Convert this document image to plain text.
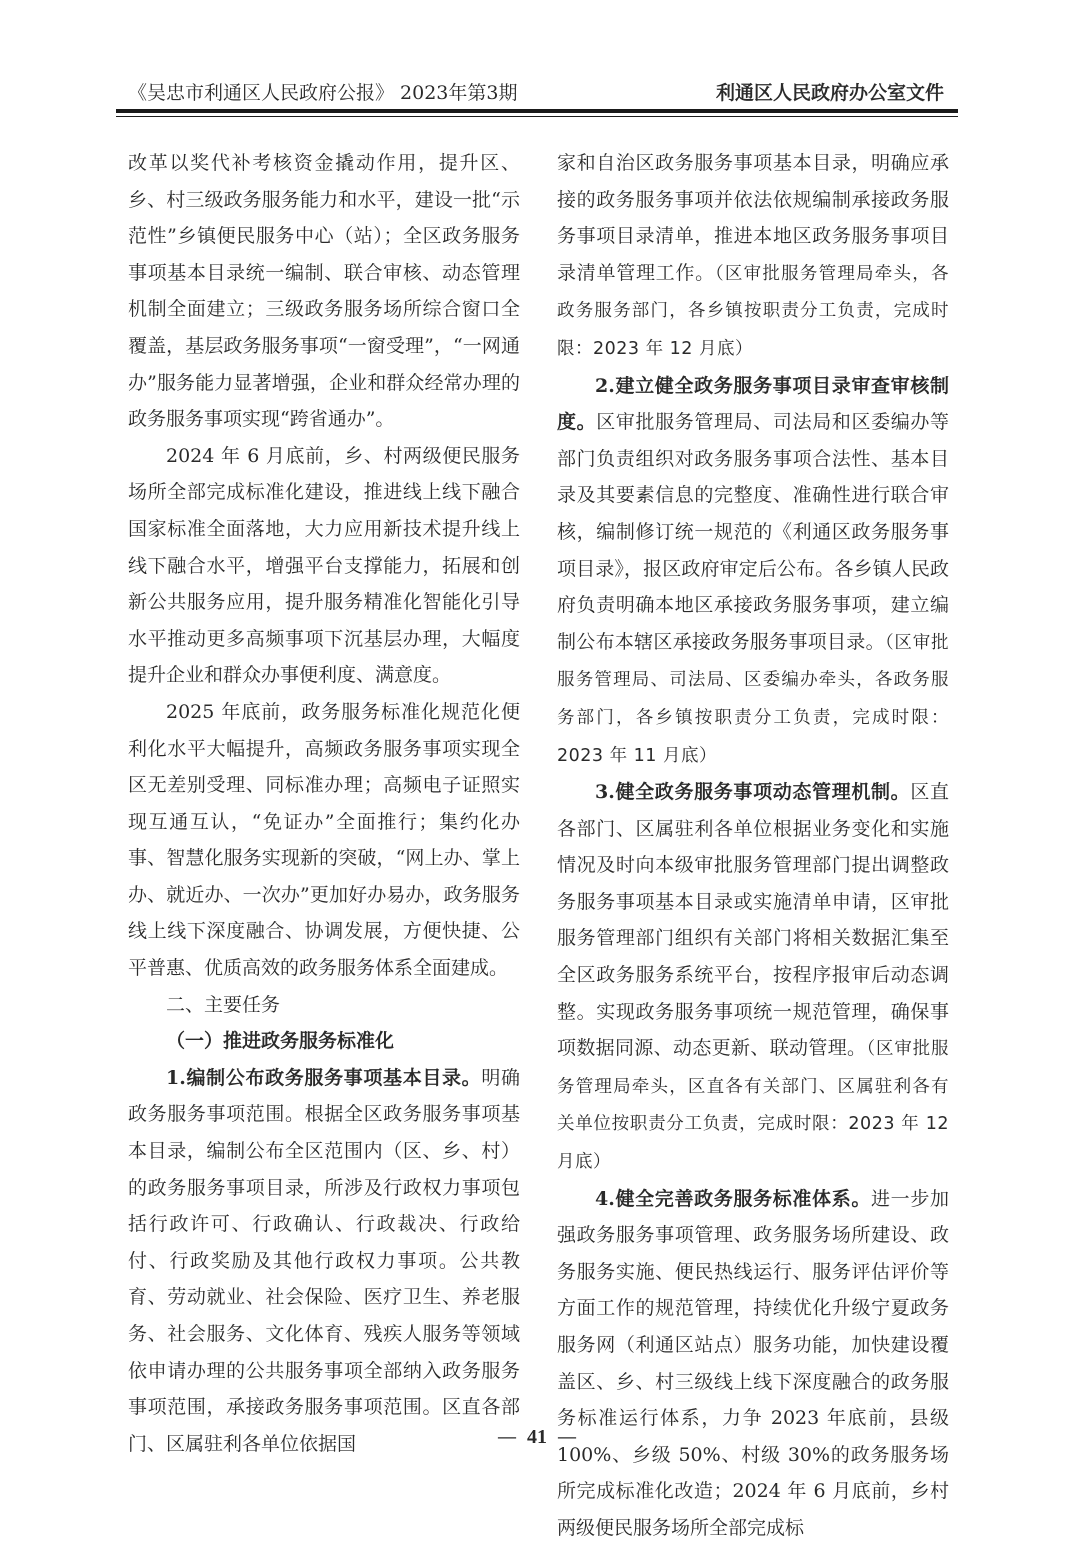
《吴忠市利通区人民政府公报》 2023年第3期	利通区人民政府办公室文件

改革以奖代补考核资金撬动作用，提升区、乡、村三级政务服务能力和水平，建设一批“示范性”乡镇便民服务中心（站）；全区政务服务事项基本目录统一编制、联合审核、动态管理机制全面建立；三级政务服务场所综合窗口全覆盖，基层政务服务事项“一窗受理”，“一网通办”服务能力显著增强，企业和群众经常办理的政务服务事项实现“跨省通办”。

2024 年 6 月底前，乡、村两级便民服务场所全部完成标准化建设，推进线上线下融合国家标准全面落地，大力应用新技术提升线上线下融合水平，增强平台支撑能力，拓展和创新公共服务应用，提升服务精准化智能化引导水平推动更多高频事项下沉基层办理，大幅度提升企业和群众办事便利度、满意度。

2025 年底前，政务服务标准化规范化便利化水平大幅提升，高频政务服务事项实现全区无差别受理、同标准办理；高频电子证照实现互通互认，“免证办”全面推行；集约化办事、智慧化服务实现新的突破，“网上办、掌上办、就近办、一次办”更加好办易办，政务服务线上线下深度融合、协调发展，方便快捷、公平普惠、优质高效的政务服务体系全面建成。

二、主要任务

（一）推进政务服务标准化

1.编制公布政务服务事项基本目录。明确政务服务事项范围。根据全区政务服务事项基本目录，编制公布全区范围内（区、乡、村）的政务服务事项目录，所涉及行政权力事项包括行政许可、行政确认、行政裁决、行政给付、行政奖励及其他行政权力事项。公共教育、劳动就业、社会保险、医疗卫生、养老服务、社会服务、文化体育、残疾人服务等领域依申请办理的公共服务事项全部纳入政务服务事项范围，承接政务服务事项范围。区直各部门、区属驻利各单位依据国

家和自治区政务服务事项基本目录，明确应承接的政务服务事项并依法依规编制承接政务服务事项目录清单，推进本地区政务服务事项目录清单管理工作。（区审批服务管理局牵头，各政务服务部门，各乡镇按职责分工负责，完成时限：2023 年 12 月底）

2.建立健全政务服务事项目录审查审核制度。区审批服务管理局、司法局和区委编办等部门负责组织对政务服务事项合法性、基本目录及其要素信息的完整度、准确性进行联合审核，编制修订统一规范的《利通区政务服务事项目录》，报区政府审定后公布。各乡镇人民政府负责明确本地区承接政务服务事项，建立编制公布本辖区承接政务服务事项目录。（区审批服务管理局、司法局、区委编办牵头，各政务服务部门，各乡镇按职责分工负责，完成时限：2023 年 11 月底）

3.健全政务服务事项动态管理机制。区直各部门、区属驻利各单位根据业务变化和实施情况及时向本级审批服务管理部门提出调整政务服务事项基本目录或实施清单申请，区审批服务管理部门组织有关部门将相关数据汇集至全区政务服务系统平台，按程序报审后动态调整。实现政务服务事项统一规范管理，确保事项数据同源、动态更新、联动管理。（区审批服务管理局牵头，区直各有关部门、区属驻利各有关单位按职责分工负责，完成时限：2023 年 12 月底）

4.健全完善政务服务标准体系。进一步加强政务服务事项管理、政务服务场所建设、政务服务实施、便民热线运行、服务评估评价等方面工作的规范管理，持续优化升级宁夏政务服务网（利通区站点）服务功能，加快建设覆盖区、乡、村三级线上线下深度融合的政务服务标准运行体系，力争 2023 年底前，县级 100%、乡级 50%、村级 30%的政务服务场所完成标准化改造；2024 年 6 月底前，乡村两级便民服务场所全部完成标

— 41 —
